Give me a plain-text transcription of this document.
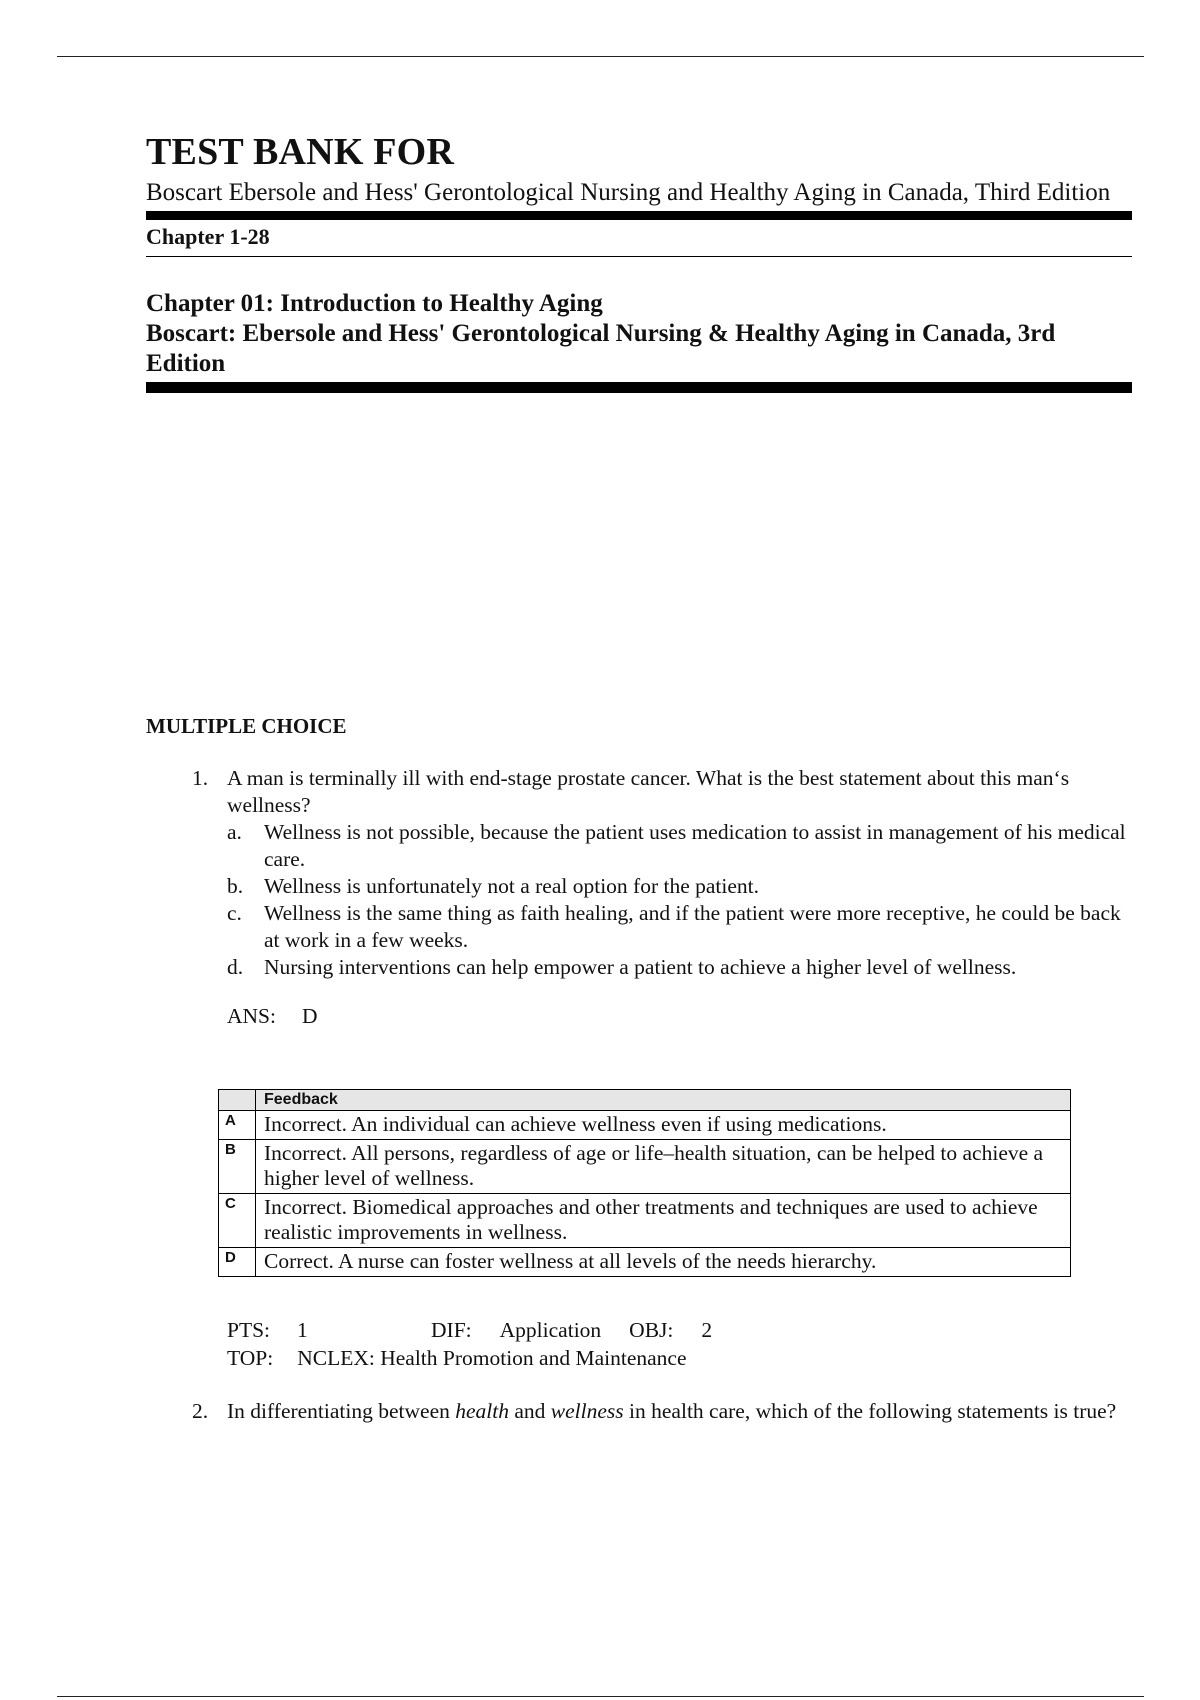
TEST BANK FOR
Boscart Ebersole and Hess' Gerontological Nursing and Healthy Aging in Canada, Third Edition
Chapter 1-28
Chapter 01: Introduction to Healthy Aging
Boscart: Ebersole and Hess' Gerontological Nursing & Healthy Aging in Canada, 3rd Edition
MULTIPLE CHOICE
1. A man is terminally ill with end-stage prostate cancer. What is the best statement about this man‘s wellness?
a.	Wellness is not possible, because the patient uses medication to assist in management of his medical care.
b. Wellness is unfortunately not a real option for the patient.
c.	Wellness is the same thing as faith healing, and if the patient were more receptive, he could be back at work in a few weeks.
d. Nursing interventions can help empower a patient to achieve a higher level of wellness.
ANS:	D
	Feedback
A	Incorrect. An individual can achieve wellness even if using medications.
B	Incorrect. All persons, regardless of age or life–health situation, can be helped to achieve a higher level of wellness.
C	Incorrect. Biomedical approaches and other treatments and techniques are used to achieve realistic improvements in wellness.
D	Correct. A nurse can foster wellness at all levels of the needs hierarchy.
PTS: 1	DIF: Application OBJ: 2
TOP: NCLEX: Health Promotion and Maintenance
2. In differentiating between health and wellness in health care, which of the following statements is true?
